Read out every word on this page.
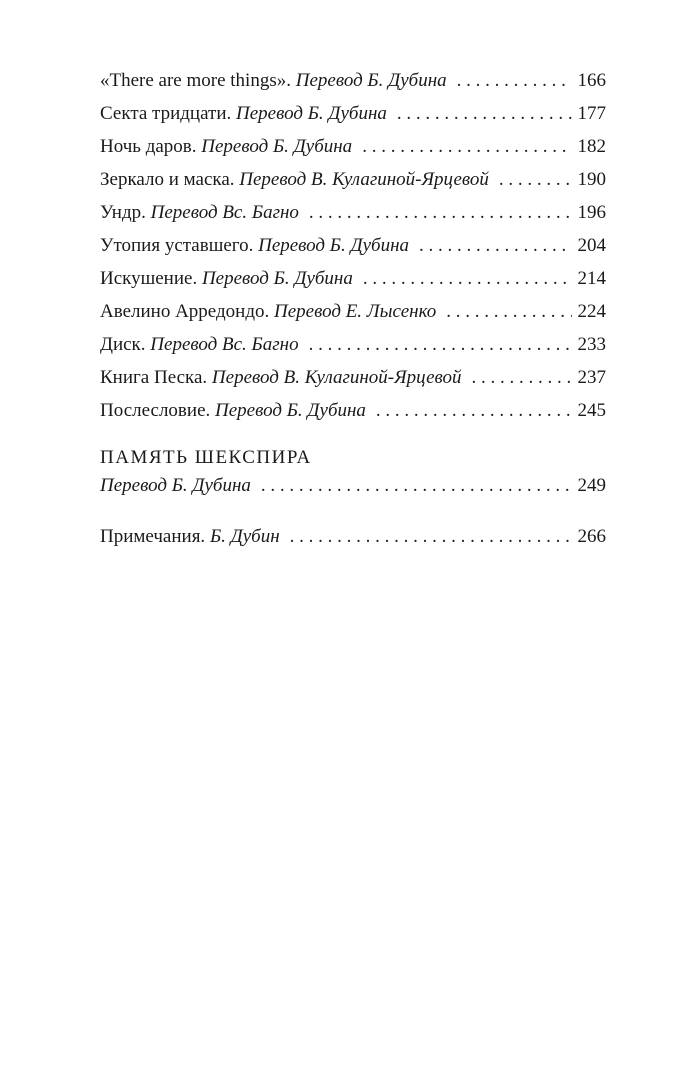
«There are more things». Перевод Б. Дубина . . .	166
Секта тридцати. Перевод Б. Дубина . . .	177
Ночь даров. Перевод Б. Дубина . . .	182
Зеркало и маска. Перевод В. Кулагиной-Ярцевой . . .	190
Ундр. Перевод Вс. Багно . . .	196
Утопия уставшего. Перевод Б. Дубина . . .	204
Искушение. Перевод Б. Дубина . . .	214
Авелино Арредондо. Перевод Е. Лысенко . . .	224
Диск. Перевод Вс. Багно . . .	233
Книга Песка. Перевод В. Кулагиной-Ярцевой . . .	237
Послесловие. Перевод Б. Дубина . . .	245
ПАМЯТЬ ШЕКСПИРА
Перевод Б. Дубина . . .	249
Примечания. Б. Дубин . . .	266
